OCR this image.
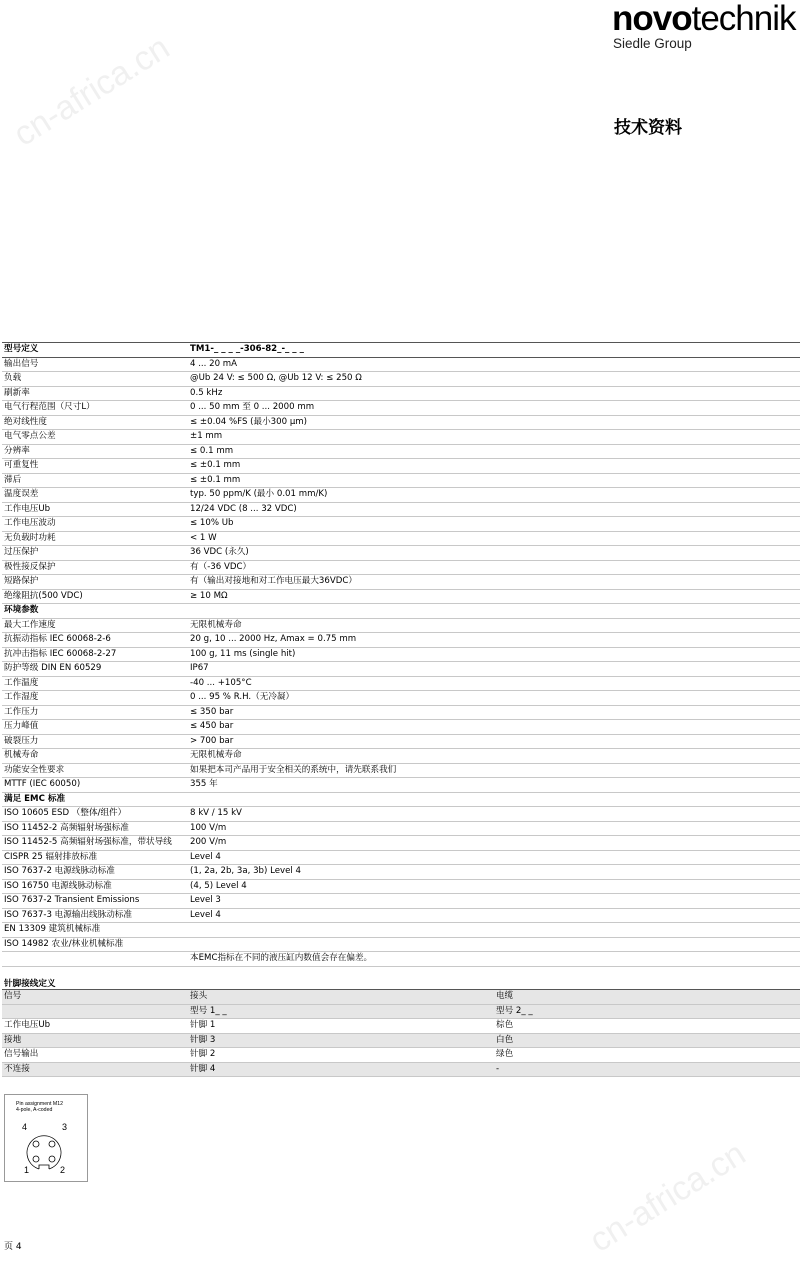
novotechnik
Siedle Group
技术资料
cn-africa.cn
cn-africa.cn
型号定义	TM1-_ _ _ _-306-82_-_ _ _
输出信号	4 ... 20 mA
负载	@Ub 24 V: ≤ 500 Ω, @Ub 12 V: ≤ 250 Ω
刷新率	0.5 kHz
电气行程范围（尺寸L）	0 ... 50 mm 至 0 ... 2000 mm
绝对线性度	≤ ±0.04 %FS (最小300 μm)
电气零点公差	±1 mm
分辨率	≤ 0.1 mm
可重复性	≤ ±0.1 mm
滞后	≤ ±0.1 mm
温度误差	typ. 50 ppm/K (最小 0.01 mm/K)
工作电压Ub	12/24 VDC (8 ... 32 VDC)
工作电压波动	≤ 10% Ub
无负载时功耗	< 1 W
过压保护	36 VDC (永久)
极性接反保护	有（-36 VDC）
短路保护	有（输出对接地和对工作电压最大36VDC）
绝缘阻抗(500 VDC)	≥ 10 MΩ
环境参数	
最大工作速度	无限机械寿命
抗振动指标 IEC 60068-2-6	20 g, 10 ... 2000 Hz, Amax = 0.75 mm
抗冲击指标 IEC 60068-2-27	100 g, 11 ms (single hit)
防护等级 DIN EN 60529	IP67
工作温度	-40 ... +105°C
工作湿度	0 ... 95 % R.H.（无冷凝）
工作压力	≤ 350 bar
压力峰值	≤ 450 bar
破裂压力	> 700 bar
机械寿命	无限机械寿命
功能安全性要求	如果把本司产品用于安全相关的系统中，请先联系我们
MTTF (IEC 60050)	355 年
满足 EMC 标准	
ISO 10605 ESD （整体/组件）	8 kV / 15 kV
ISO 11452-2 高频辐射场强标准	100 V/m
ISO 11452-5 高频辐射场强标准，带状导线	200 V/m
CISPR 25 辐射排放标准	Level 4
ISO 7637-2 电源线脉动标准	(1, 2a, 2b, 3a, 3b) Level 4
ISO 16750 电源线脉动标准	(4, 5) Level 4
ISO 7637-2 Transient Emissions	Level 3
ISO 7637-3 电源输出线脉动标准	Level 4
EN 13309 建筑机械标准	
ISO 14982 农业/林业机械标准	
	本EMC指标在不同的液压缸内数值会存在偏差。
针脚接线定义
信号	接头	电缆
	型号 1_ _	型号 2_ _
工作电压Ub	针脚 1	棕色
接地	针脚 3	白色
信号输出	针脚 2	绿色
不连接	针脚 4	-
Pin assignment M12
4-pole, A-coded
4	3
1	2
页 4
